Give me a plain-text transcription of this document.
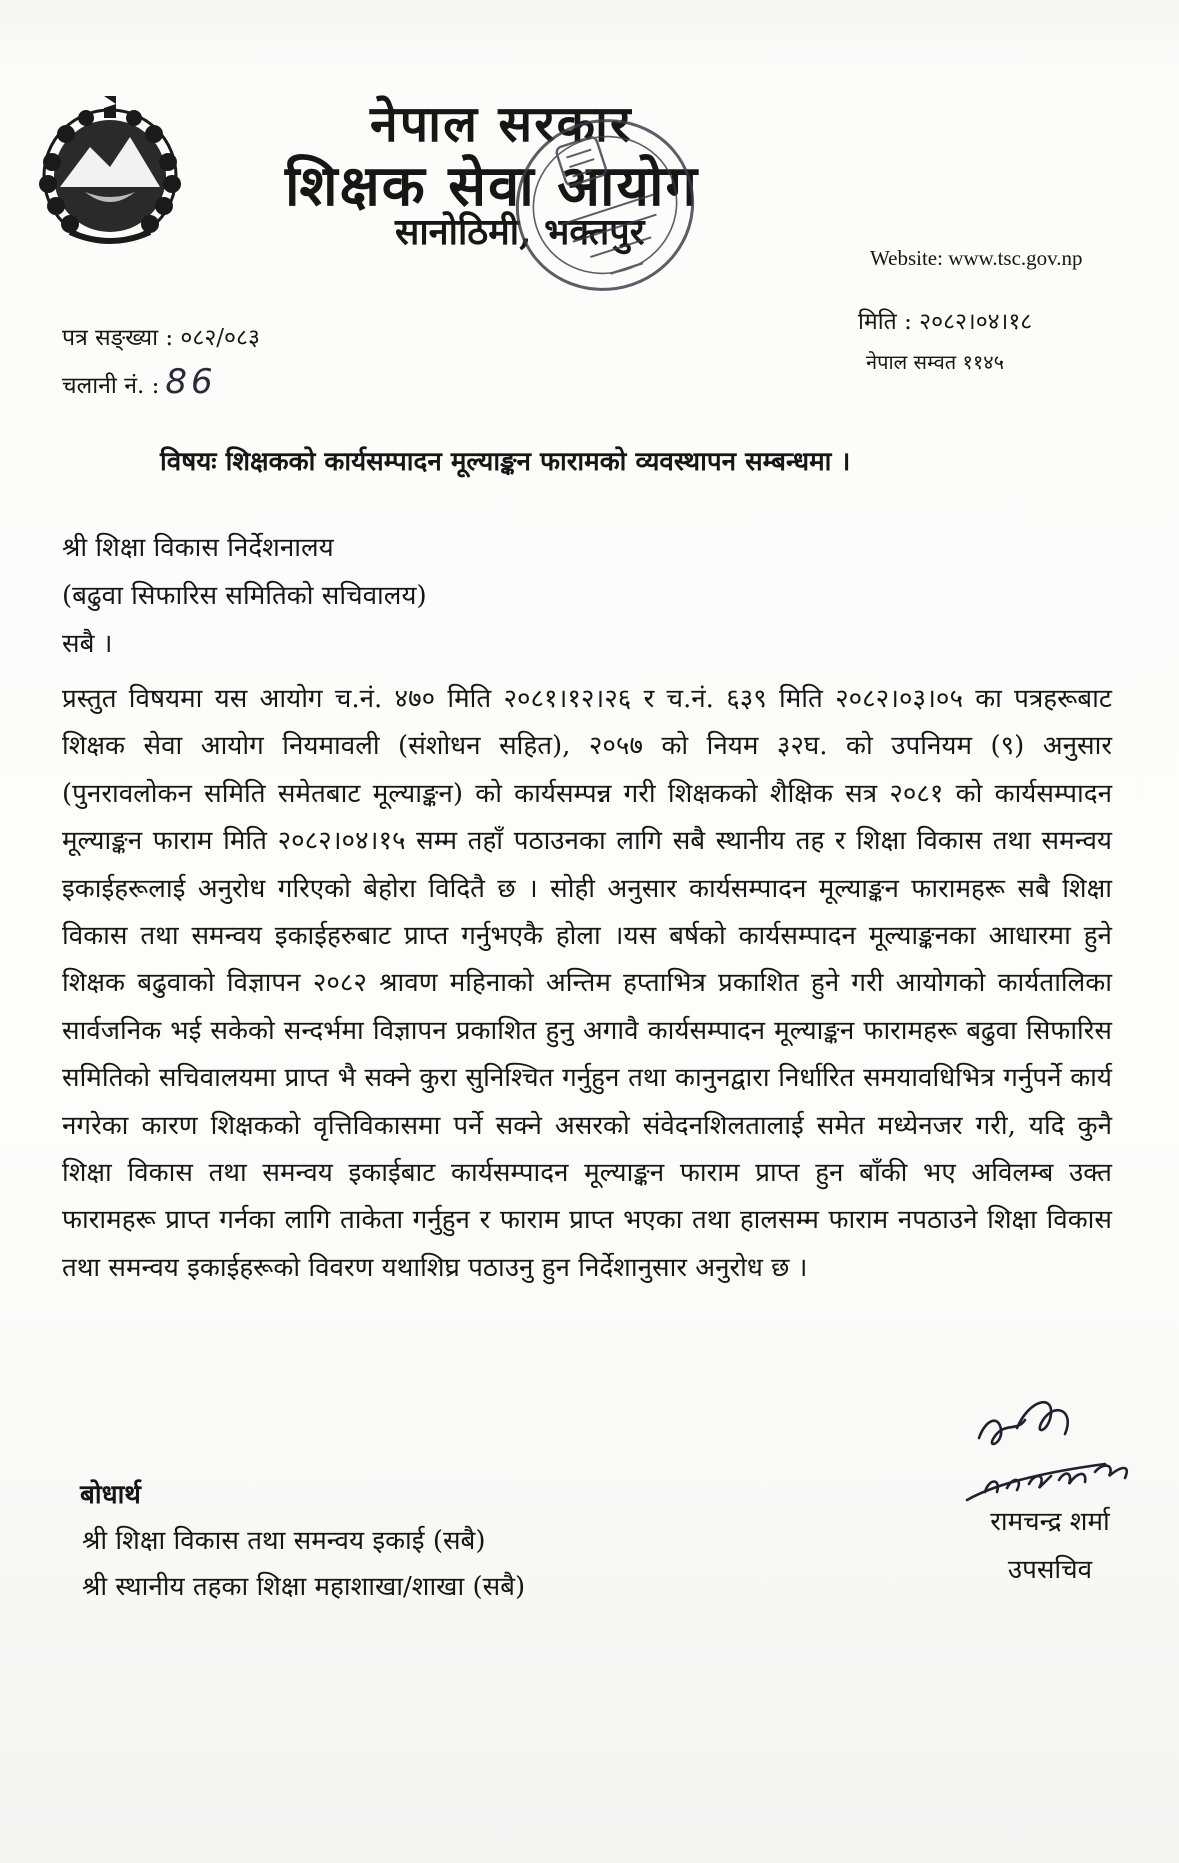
नेपाल सरकार
शिक्षक सेवा आयोग
सानोठिमी, भक्तपुर
Website: www.tsc.gov.np
पत्र सङ्ख्या : ०८२/०८३
चलानी नं. : 86
मिति : २०८२।०४।१८
नेपाल सम्वत ११४५
विषयः शिक्षकको कार्यसम्पादन मूल्याङ्कन फारामको व्यवस्थापन सम्बन्धमा ।
श्री शिक्षा विकास निर्देशनालय
(बढुवा सिफारिस समितिको सचिवालय)
सबै ।
प्रस्तुत विषयमा यस आयोग च.नं. ४७० मिति २०८१।१२।२६ र च.नं. ६३९ मिति २०८२।०३।०५ का पत्रहरूबाट शिक्षक सेवा आयोग नियमावली (संशोधन सहित), २०५७ को नियम ३२घ. को उपनियम (९) अनुसार (पुनरावलोकन समिति समेतबाट मूल्याङ्कन) को कार्यसम्पन्न गरी शिक्षकको शैक्षिक सत्र २०८१ को कार्यसम्पादन मूल्याङ्कन फाराम मिति २०८२।०४।१५ सम्म तहाँ पठाउनका लागि सबै स्थानीय तह र शिक्षा विकास तथा समन्वय इकाईहरूलाई अनुरोध गरिएको बेहोरा विदितै छ । सोही अनुसार कार्यसम्पादन मूल्याङ्कन फारामहरू सबै शिक्षा विकास तथा समन्वय इकाईहरुबाट प्राप्त गर्नुभएकै होला ।यस बर्षको कार्यसम्पादन मूल्याङ्कनका आधारमा हुने शिक्षक बढुवाको विज्ञापन २०८२ श्रावण महिनाको अन्तिम हप्ताभित्र प्रकाशित हुने गरी आयोगको कार्यतालिका सार्वजनिक भई सकेको सन्दर्भमा विज्ञापन प्रकाशित हुनु अगावै कार्यसम्पादन मूल्याङ्कन फारामहरू बढुवा सिफारिस समितिको सचिवालयमा प्राप्त भै सक्ने कुरा सुनिश्चित गर्नुहुन तथा कानुनद्वारा निर्धारित समयावधिभित्र गर्नुपर्ने कार्य नगरेका कारण शिक्षकको वृत्तिविकासमा पर्ने सक्ने असरको संवेदनशिलतालाई समेत मध्येनजर गरी, यदि कुनै शिक्षा विकास तथा समन्वय इकाईबाट कार्यसम्पादन मूल्याङ्कन फाराम प्राप्त हुन बाँकी भए अविलम्ब उक्त फारामहरू प्राप्त गर्नका लागि ताकेता गर्नुहुन र फाराम प्राप्त भएका तथा हालसम्म फाराम नपठाउने शिक्षा विकास तथा समन्वय इकाईहरूको विवरण यथाशिघ्र पठाउनु हुन निर्देशानुसार अनुरोध छ ।
रामचन्द्र शर्मा
उपसचिव
बोधार्थ
श्री शिक्षा विकास तथा समन्वय इकाई (सबै)
श्री स्थानीय तहका शिक्षा महाशाखा/शाखा (सबै)
